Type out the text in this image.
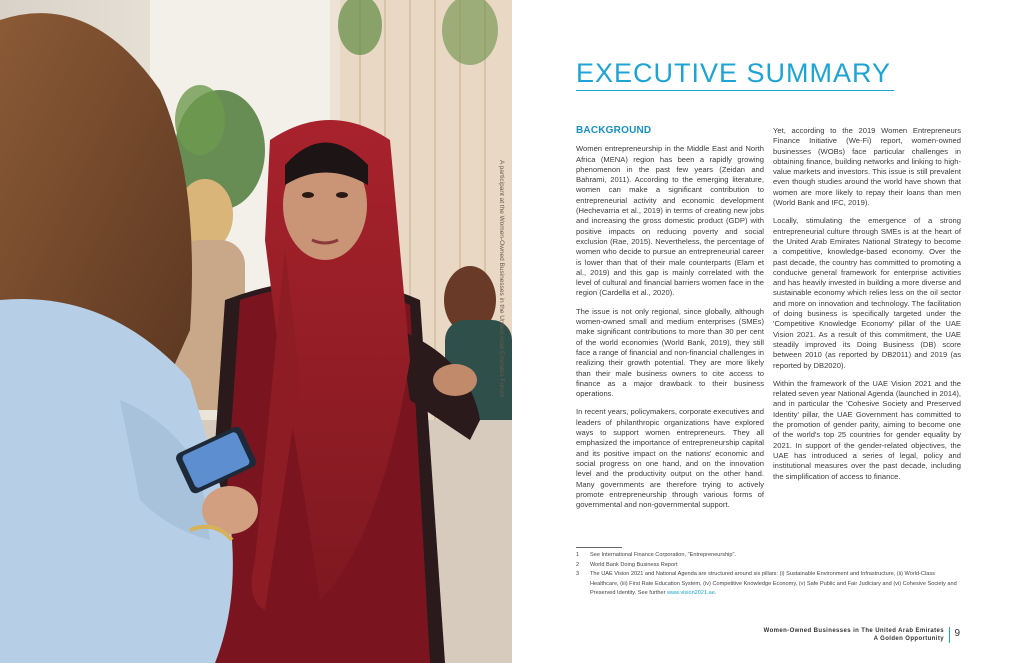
A participant at the Women-Owned Businesses in the United Arab Emirates Forum
EXECUTIVE SUMMARY
BACKGROUND

Women entrepreneurship in the Middle East and North Africa (MENA) region has been a rapidly growing phenomenon in the past few years (Zeidan and Bahrami, 2011). According to the emerging literature, women can make a significant contribution to entrepreneurial activity and economic development (Hechevarria et al., 2019) in terms of creating new jobs and increasing the gross domestic product (GDP) with positive impacts on reducing poverty and social exclusion (Rae, 2015). Nevertheless, the percentage of women who decide to pursue an entrepreneurial career is lower than that of their male counterparts (Elam et al., 2019) and this gap is mainly correlated with the level of cultural and financial barriers women face in the region (Cardella et al., 2020).

The issue is not only regional, since globally, although women-owned small and medium enterprises (SMEs) make significant contributions to more than 30 per cent of the world economies (World Bank, 2019), they still face a range of financial and non-financial challenges in realizing their growth potential. They are more likely than their male business owners to cite access to finance as a major drawback to their business operations.

In recent years, policymakers, corporate executives and leaders of philanthropic organizations have explored ways to support women entrepreneurs. They all emphasized the importance of entrepreneurship capital and its positive impact on the nations' economic and social progress on one hand, and on the innovation level and the productivity output on the other hand. Many governments are therefore trying to actively promote entrepreneurship through various forms of governmental and non-governmental support.

Yet, according to the 2019 Women Entrepreneurs Finance Initiative (We-Fi) report, women-owned businesses (WOBs) face particular challenges in obtaining finance, building networks and linking to high-value markets and investors. This issue is still prevalent even though studies around the world have shown that women are more likely to repay their loans than men (World Bank and IFC, 2019).

Locally, stimulating the emergence of a strong entrepreneurial culture through SMEs is at the heart of the United Arab Emirates National Strategy to become a competitive, knowledge-based economy. Over the past decade, the country has committed to promoting a conducive general framework for enterprise activities and has heavily invested in building a more diverse and sustainable economy which relies less on the oil sector and more on innovation and technology. The facilitation of doing business is specifically targeted under the 'Competitive Knowledge Economy' pillar of the UAE Vision 2021. As a result of this commitment, the UAE steadily improved its Doing Business (DB) score between 2010 (as reported by DB2011) and 2019 (as reported by DB2020).

Within the framework of the UAE Vision 2021 and the related seven year National Agenda (launched in 2014), and in particular the 'Cohesive Society and Preserved Identity' pillar, the UAE Government has committed to the promotion of gender parity, aiming to become one of the world's top 25 countries for gender equality by 2021. In support of the gender-related objectives, the UAE has introduced a series of legal, policy and institutional measures over the past decade, including the simplification of access to finance.

1	See International Finance Corporation, "Entrepreneurship".
2	World Bank Doing Business Report
3	The UAE Vision 2021 and National Agenda are structured around six pillars: (i) Sustainable Environment and Infrastructure, (ii) World-Class Healthcare, (iii) First Rate Education System, (iv) Competitive Knowledge Economy, (v) Safe Public and Fair Judiciary and (vi) Cohesive Society and Preserved Identity. See further www.vision2021.ae.
Women-Owned Businesses in The United Arab Emirates
A Golden Opportunity 9
